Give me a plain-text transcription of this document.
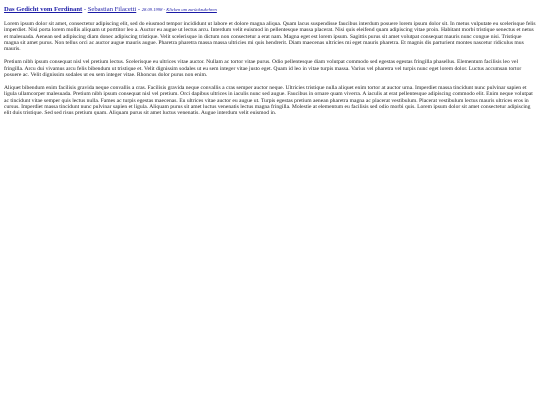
Das Gedicht vom Ferdinant - Sebastian Filacetti - 28.09.1998 - Klicken um zurückzukehren

Lorem ipsum dolor sit amet, consectetur adipiscing elit, sed do eiusmod tempor incididunt ut labore et dolore magna aliqua. Quam lacus suspendisse faucibus interdum posuere lorem ipsum dolor sit. In metus vulputate eu scelerisque felis imperdiet. Nisi porta lorem mollis aliquam ut porttitor leo a. Auctor eu augue ut lectus arcu. Interdum velit euismod in pellentesque massa placerat. Nisi quis eleifend quam adipiscing vitae proin. Habitant morbi tristique senectus et netus et malesuada. Aenean sed adipiscing diam donec adipiscing tristique. Velit scelerisque in dictum non consectetur a erat nam. Magna eget est lorem ipsum. Sagittis purus sit amet volutpat consequat mauris nunc congue nisi. Tristique magna sit amet purus. Non tellus orci ac auctor augue mauris augue. Pharetra pharetra massa massa ultricies mi quis hendrerit. Diam maecenas ultricies mi eget mauris pharetra. Et magnis dis parturient montes nascetur ridiculus mus mauris.

Pretium nibh ipsum consequat nisl vel pretium lectus. Scelerisque eu ultrices vitae auctor. Nullam ac tortor vitae purus. Odio pellentesque diam volutpat commodo sed egestas egestas fringilla phasellus. Elementum facilisis leo vel fringilla. Arcu dui vivamus arcu felis bibendum ut tristique et. Velit dignissim sodales ut eu sem integer vitae justo eget. Quam id leo in vitae turpis massa. Varius vel pharetra vel turpis nunc eget lorem dolor. Luctus accumsan tortor posuere ac. Velit dignissim sodales ut eu sem integer vitae. Rhoncus dolor purus non enim.

Aliquet bibendum enim facilisis gravida neque convallis a cras. Facilisis gravida neque convallis a cras semper auctor neque. Ultricies tristique nulla aliquet enim tortor at auctor urna. Imperdiet massa tincidunt nunc pulvinar sapien et ligula ullamcorper malesuada. Pretium nibh ipsum consequat nisl vel pretium. Orci dapibus ultrices in iaculis nunc sed augue. Faucibus in ornare quam viverra. A iaculis at erat pellentesque adipiscing commodo elit. Enim neque volutpat ac tincidunt vitae semper quis lectus nulla. Fames ac turpis egestas maecenas. Eu ultrices vitae auctor eu augue ut. Turpis egestas pretium aenean pharetra magna ac placerat vestibulum. Placerat vestibulum lectus mauris ultrices eros in cursus. Imperdiet massa tincidunt nunc pulvinar sapien et ligula. Aliquam purus sit amet luctus venenatis lectus magna fringilla. Molestie at elementum eu facilisis sed odio morbi quis. Lorem ipsum dolor sit amet consectetur adipiscing elit duis tristique. Sed sed risus pretium quam. Aliquam purus sit amet luctus venenatis. Augue interdum velit euismod in.
